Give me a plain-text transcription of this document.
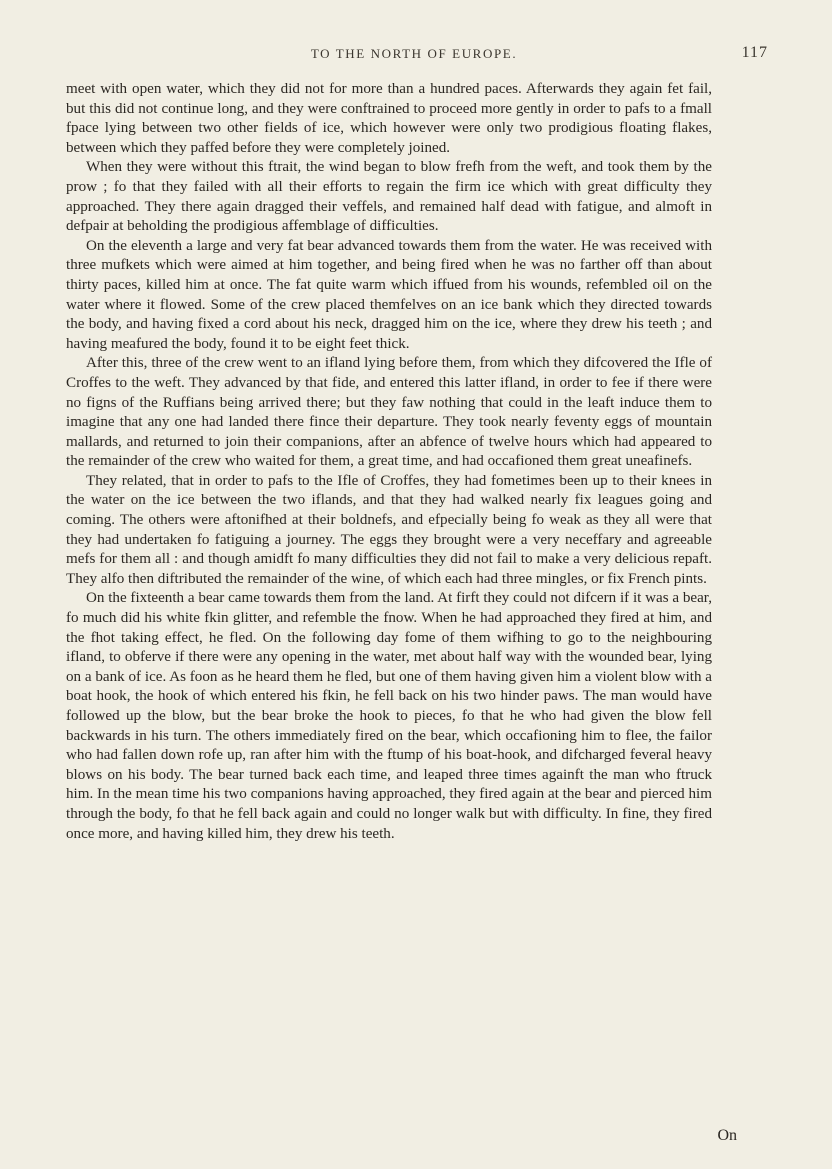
TO THE NORTH OF EUROPE.	117

meet with open water, which they did not for more than a hundred paces. Afterwards they again fet fail, but this did not continue long, and they were conftrained to proceed more gently in order to pafs to a fmall fpace lying between two other fields of ice, which however were only two prodigious floating flakes, between which they paffed before they were completely joined.

When they were without this ftrait, the wind began to blow frefh from the weft, and took them by the prow ; fo that they failed with all their efforts to regain the firm ice which with great difficulty they approached. They there again dragged their veffels, and remained half dead with fatigue, and almoft in defpair at beholding the prodigious affemblage of difficulties.

On the eleventh a large and very fat bear advanced towards them from the water. He was received with three mufkets which were aimed at him together, and being fired when he was no farther off than about thirty paces, killed him at once. The fat quite warm which iffued from his wounds, refembled oil on the water where it flowed. Some of the crew placed themfelves on an ice bank which they directed towards the body, and having fixed a cord about his neck, dragged him on the ice, where they drew his teeth ; and having meafured the body, found it to be eight feet thick.

After this, three of the crew went to an ifland lying before them, from which they difcovered the Ifle of Croffes to the weft. They advanced by that fide, and entered this latter ifland, in order to fee if there were no figns of the Ruffians being arrived there; but they faw nothing that could in the leaft induce them to imagine that any one had landed there fince their departure. They took nearly feventy eggs of mountain mallards, and returned to join their companions, after an abfence of twelve hours which had appeared to the remainder of the crew who waited for them, a great time, and had occafioned them great uneafinefs.

They related, that in order to pafs to the Ifle of Croffes, they had fometimes been up to their knees in the water on the ice between the two iflands, and that they had walked nearly fix leagues going and coming. The others were aftonifhed at their boldnefs, and efpecially being fo weak as they all were that they had undertaken fo fatiguing a journey. The eggs they brought were a very neceffary and agreeable mefs for them all : and though amidft fo many difficulties they did not fail to make a very delicious repaft. They alfo then diftributed the remainder of the wine, of which each had three mingles, or fix French pints.

On the fixteenth a bear came towards them from the land. At firft they could not difcern if it was a bear, fo much did his white fkin glitter, and refemble the fnow. When he had approached they fired at him, and the fhot taking effect, he fled. On the following day fome of them wifhing to go to the neighbouring ifland, to obferve if there were any opening in the water, met about half way with the wounded bear, lying on a bank of ice. As foon as he heard them he fled, but one of them having given him a violent blow with a boat hook, the hook of which entered his fkin, he fell back on his two hinder paws. The man would have followed up the blow, but the bear broke the hook to pieces, fo that he who had given the blow fell backwards in his turn. The others immediately fired on the bear, which occafioning him to flee, the failor who had fallen down rofe up, ran after him with the ftump of his boat-hook, and difcharged feveral heavy blows on his body. The bear turned back each time, and leaped three times againft the man who ftruck him. In the mean time his two companions having approached, they fired again at the bear and pierced him through the body, fo that he fell back again and could no longer walk but with difficulty. In fine, they fired once more, and having killed him, they drew his teeth.

On
